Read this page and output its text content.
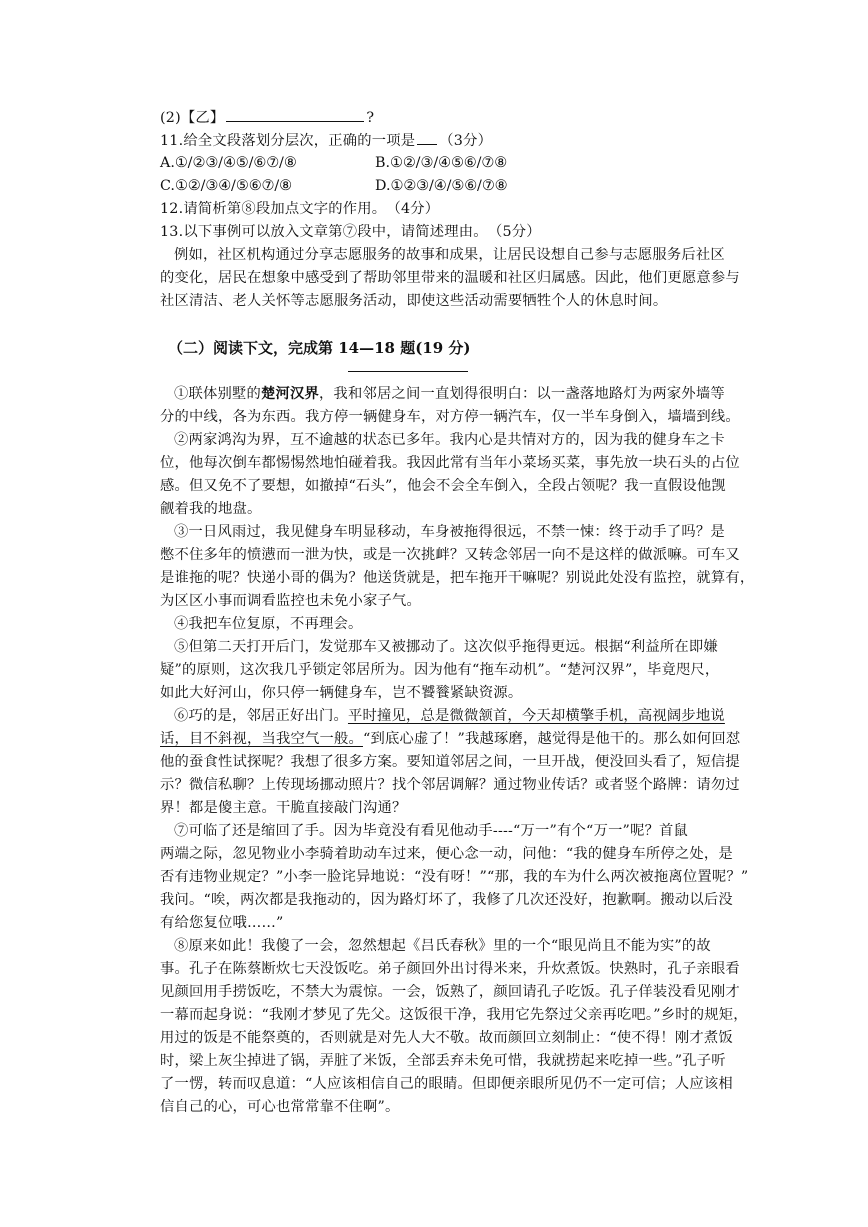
(2)【乙】	?
11.给全文段落划分层次，正确的一项是 （3分）
A.①/②③/④⑤/⑥⑦/⑧	B.①②/③/④⑤⑥/⑦⑧
C.①②/③④/⑤⑥⑦/⑧	D.①②③/④/⑤⑥/⑦⑧
12.请简析第⑧段加点文字的作用。　（4分）
13.以下事例可以放入文章第⑦段中，请简述理由。　（5分）
例如，社区机构通过分享志愿服务的故事和成果，让居民设想自己参与志愿服务后社区
的变化，居民在想象中感受到了帮助邻里带来的温暖和社区归属感。因此，他们更愿意参与
社区清洁、老人关怀等志愿服务活动，即使这些活动需要牺牲个人的休息时间。
（二）阅读下文，完成第 14—18 题(19 分)
①联体别墅的楚河汉界，我和邻居之间一直划得很明白：以一盏落地路灯为两家外墙等
分的中线，各为东西。我方停一辆健身车，对方停一辆汽车，仅一半车身倒入，墙墙到线。
②两家鸿沟为界，互不逾越的状态已多年。我内心是共情对方的，因为我的健身车之卡
位，他每次倒车都惕惕然地怕碰着我。我因此常有当年小菜场买菜，事先放一块石头的占位
感。但又免不了要想，如撤掉“石头”，他会不会全车倒入，全段占领呢？我一直假设他觊
觎着我的地盘。
③一日风雨过，我见健身车明显移动，车身被拖得很远，不禁一悚：终于动手了吗？是
憋不住多年的愤懑而一泄为快，或是一次挑衅？又转念邻居一向不是这样的做派嘛。可车又
是谁拖的呢？快递小哥的偶为？他送货就是，把车拖开干嘛呢？别说此处没有监控，就算有，
为区区小事而调看监控也未免小家子气。
④我把车位复原，不再理会。
⑤但第二天打开后门，发觉那车又被挪动了。这次似乎拖得更远。根据“利益所在即嫌
疑”的原则，这次我几乎锁定邻居所为。因为他有“拖车动机”。“楚河汉界”，毕竟咫尺，
如此大好河山，你只停一辆健身车，岂不饕餮紧缺资源。
⑥巧的是，邻居正好出门。平时撞见，总是微微颔首，今天却横擎手机，高视阔步地说
话，目不斜视，当我空气一般。“到底心虚了！”我越琢磨，越觉得是他干的。那么如何回怼
他的蚕食性试探呢？我想了很多方案。要知道邻居之间，一旦开战，便没回头看了，短信提
示？微信私聊？上传现场挪动照片？找个邻居调解？通过物业传话？或者竖个路牌：请勿过
界！都是傻主意。干脆直接敲门沟通？
⑦可临了还是缩回了手。因为毕竟没有看见他动手----“万一”有个“万一”呢？首鼠
两端之际，忽见物业小李骑着助动车过来，便心念一动，问他：“我的健身车所停之处，是
否有违物业规定？”小李一脸诧异地说：“没有呀！”“那，我的车为什么两次被拖离位置呢？”
我问。“唉，两次都是我拖动的，因为路灯坏了，我修了几次还没好，抱歉啊。搬动以后没
有给您复位哦……”
⑧原来如此！我傻了一会，忽然想起《吕氏春秋》里的一个“眼见尚且不能为实”的故
事。孔子在陈蔡断炊七天没饭吃。弟子颜回外出讨得米来，升炊煮饭。快熟时，孔子亲眼看
见颜回用手捞饭吃，不禁大为震惊。一会，饭熟了，颜回请孔子吃饭。孔子佯装没看见刚才
一幕而起身说：“我刚才梦见了先父。这饭很干净，我用它先祭过父亲再吃吧。”乡时的规矩，
用过的饭是不能祭奠的，否则就是对先人大不敬。故而颜回立刻制止：“使不得！刚才煮饭
时，梁上灰尘掉进了锅，弄脏了米饭，全部丢弃未免可惜，我就捞起来吃掉一些。”孔子听
了一愣，转而叹息道：“人应该相信自己的眼睛。但即便亲眼所见仍不一定可信；人应该相
信自己的心，可心也常常靠不住啊”。
